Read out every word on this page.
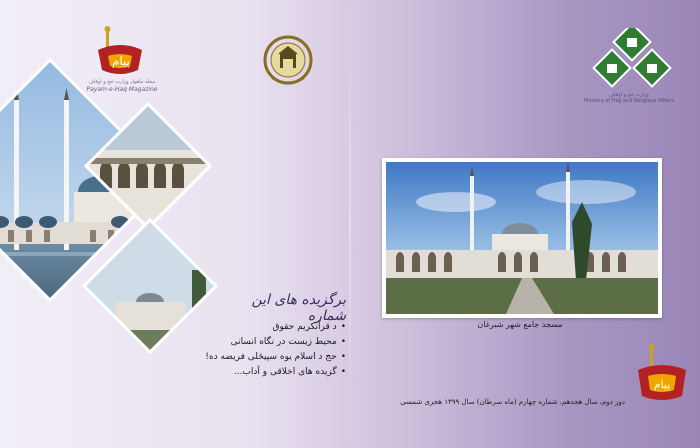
پیام
مجله ماهوار وزارت حج و اوقاف
Payam-e-Haq Magazine
وزارت حج و اوقاف
Ministry of Hajj and Religious Affairs
مسجد جامع شهر شبرغان
برگزیده های این شماره
•د قرآنکریم حقوق
•محیط زیست در نگاه انسانی
•حج د اسلام یوه سپیڅلی فریضه ده!
•گزیده های اخلاقی و آداب...
پیام
دور دوم، سال هجدهم، شماره چهارم (ماه سرطان) سال ۱۳۹۹ هجری شمسی
